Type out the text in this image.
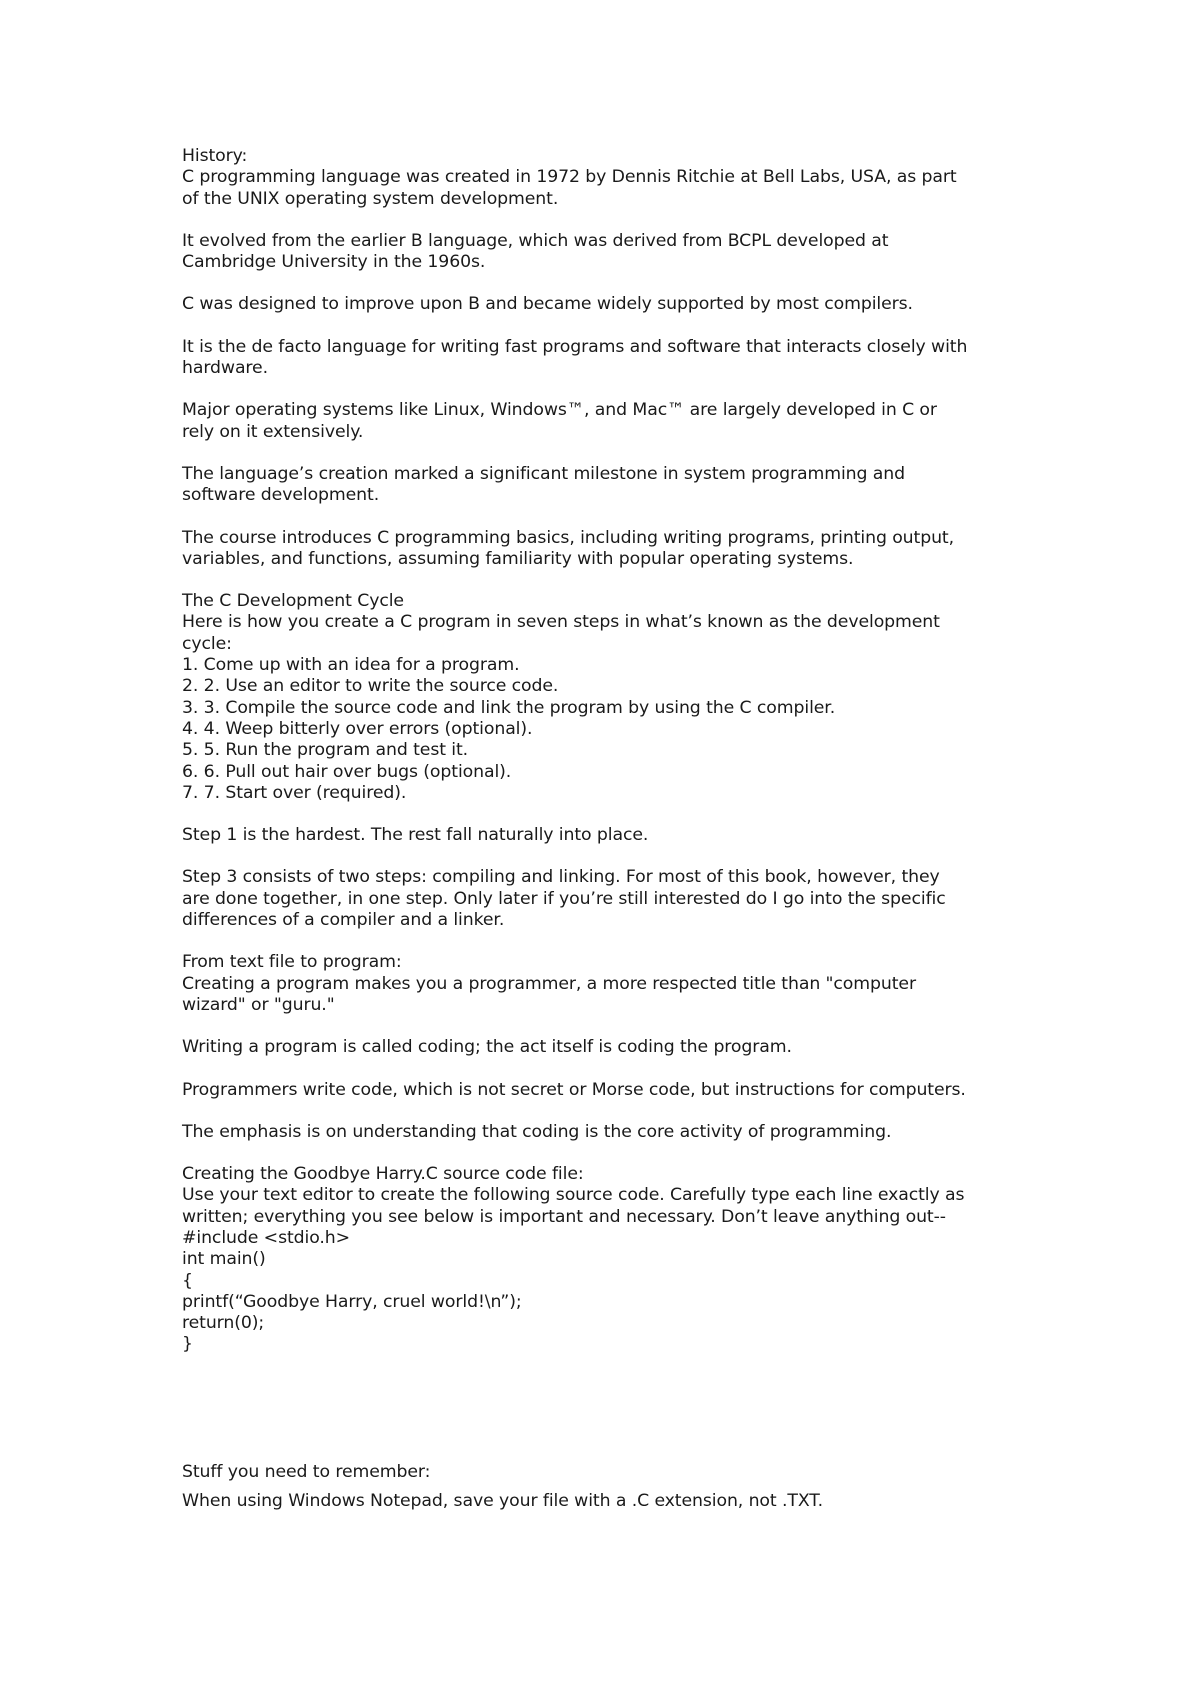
History:
C programming language was created in 1972 by Dennis Ritchie at Bell Labs, USA, as part
of the UNIX operating system development.
It evolved from the earlier B language, which was derived from BCPL developed at
Cambridge University in the 1960s.
C was designed to improve upon B and became widely supported by most compilers.
It is the de facto language for writing fast programs and software that interacts closely with
hardware.
Major operating systems like Linux, Windows™, and Mac™ are largely developed in C or
rely on it extensively.
The language’s creation marked a significant milestone in system programming and
software development.
The course introduces C programming basics, including writing programs, printing output,
variables, and functions, assuming familiarity with popular operating systems.
The C Development Cycle
Here is how you create a C program in seven steps in what’s known as the development
cycle:
1. Come up with an idea for a program.
2. 2. Use an editor to write the source code.
3. 3. Compile the source code and link the program by using the C compiler.
4. 4. Weep bitterly over errors (optional).
5. 5. Run the program and test it.
6. 6. Pull out hair over bugs (optional).
7. 7. Start over (required).
Step 1 is the hardest. The rest fall naturally into place.
Step 3 consists of two steps: compiling and linking. For most of this book, however, they
are done together, in one step. Only later if you’re still interested do I go into the specific
differences of a compiler and a linker.
From text file to program:
Creating a program makes you a programmer, a more respected title than "computer
wizard" or "guru."
Writing a program is called coding; the act itself is coding the program.
Programmers write code, which is not secret or Morse code, but instructions for computers.
The emphasis is on understanding that coding is the core activity of programming.
Creating the Goodbye Harry.C source code file:
Use your text editor to create the following source code. Carefully type each line exactly as
written; everything you see below is important and necessary. Don’t leave anything out--
#include <stdio.h>
int main()
{
printf(“Goodbye Harry, cruel world!\n”);
return(0);
}
Stuff you need to remember:
When using Windows Notepad, save your file with a .C extension, not .TXT.
